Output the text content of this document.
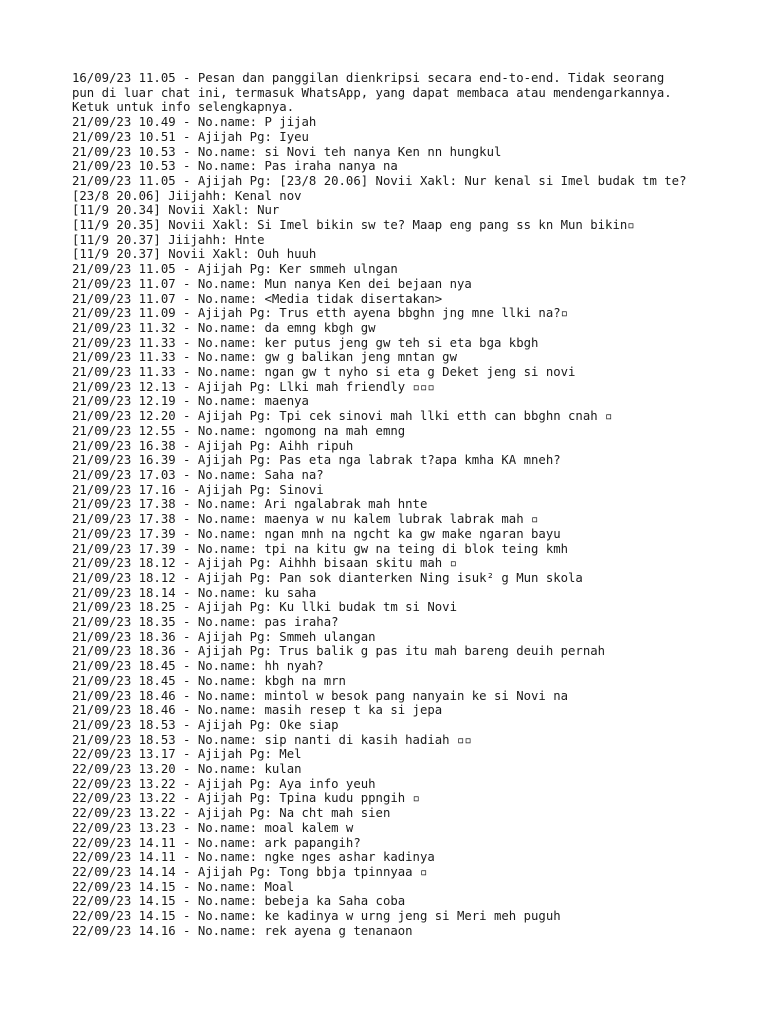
16/09/23 11.05 - Pesan dan panggilan dienkripsi secara end-to-end. Tidak seorang
pun di luar chat ini, termasuk WhatsApp, yang dapat membaca atau mendengarkannya.
Ketuk untuk info selengkapnya.
21/09/23 10.49 - No.name: P jijah
21/09/23 10.51 - Ajijah Pg: Iyeu
21/09/23 10.53 - No.name: si Novi teh nanya Ken nn hungkul
21/09/23 10.53 - No.name: Pas iraha nanya na
21/09/23 11.05 - Ajijah Pg: [23/8 20.06] Novii Xakl: Nur kenal si Imel budak tm te?
[23/8 20.06] Jiijahh: Kenal nov
[11/9 20.34] Novii Xakl: Nur
[11/9 20.35] Novii Xakl: Si Imel bikin sw te? Maap eng pang ss kn Mun bikin▫
[11/9 20.37] Jiijahh: Hnte
[11/9 20.37] Novii Xakl: Ouh huuh
21/09/23 11.05 - Ajijah Pg: Ker smmeh ulngan
21/09/23 11.07 - No.name: Mun nanya Ken dei bejaan nya
21/09/23 11.07 - No.name: <Media tidak disertakan>
21/09/23 11.09 - Ajijah Pg: Trus etth ayena bbghn jng mne llki na?▫
21/09/23 11.32 - No.name: da emng kbgh gw
21/09/23 11.33 - No.name: ker putus jeng gw teh si eta bga kbgh
21/09/23 11.33 - No.name: gw g balikan jeng mntan gw
21/09/23 11.33 - No.name: ngan gw t nyho si eta g Deket jeng si novi
21/09/23 12.13 - Ajijah Pg: Llki mah friendly ▫▫▫
21/09/23 12.19 - No.name: maenya
21/09/23 12.20 - Ajijah Pg: Tpi cek sinovi mah llki etth can bbghn cnah ▫
21/09/23 12.55 - No.name: ngomong na mah emng
21/09/23 16.38 - Ajijah Pg: Aihh ripuh
21/09/23 16.39 - Ajijah Pg: Pas eta nga labrak t?apa kmha KA mneh?
21/09/23 17.03 - No.name: Saha na?
21/09/23 17.16 - Ajijah Pg: Sinovi
21/09/23 17.38 - No.name: Ari ngalabrak mah hnte
21/09/23 17.38 - No.name: maenya w nu kalem lubrak labrak mah ▫
21/09/23 17.39 - No.name: ngan mnh na ngcht ka gw make ngaran bayu
21/09/23 17.39 - No.name: tpi na kitu gw na teing di blok teing kmh
21/09/23 18.12 - Ajijah Pg: Aihhh bisaan skitu mah ▫
21/09/23 18.12 - Ajijah Pg: Pan sok dianterken Ning isuk² g Mun skola
21/09/23 18.14 - No.name: ku saha
21/09/23 18.25 - Ajijah Pg: Ku llki budak tm si Novi
21/09/23 18.35 - No.name: pas iraha?
21/09/23 18.36 - Ajijah Pg: Smmeh ulangan
21/09/23 18.36 - Ajijah Pg: Trus balik g pas itu mah bareng deuih pernah
21/09/23 18.45 - No.name: hh nyah?
21/09/23 18.45 - No.name: kbgh na mrn
21/09/23 18.46 - No.name: mintol w besok pang nanyain ke si Novi na
21/09/23 18.46 - No.name: masih resep t ka si jepa
21/09/23 18.53 - Ajijah Pg: Oke siap
21/09/23 18.53 - No.name: sip nanti di kasih hadiah ▫▫
22/09/23 13.17 - Ajijah Pg: Mel
22/09/23 13.20 - No.name: kulan
22/09/23 13.22 - Ajijah Pg: Aya info yeuh
22/09/23 13.22 - Ajijah Pg: Tpina kudu ppngih ▫
22/09/23 13.22 - Ajijah Pg: Na cht mah sien
22/09/23 13.23 - No.name: moal kalem w
22/09/23 14.11 - No.name: ark papangih?
22/09/23 14.11 - No.name: ngke nges ashar kadinya
22/09/23 14.14 - Ajijah Pg: Tong bbja tpinnyaa ▫
22/09/23 14.15 - No.name: Moal
22/09/23 14.15 - No.name: bebeja ka Saha coba
22/09/23 14.15 - No.name: ke kadinya w urng jeng si Meri meh puguh
22/09/23 14.16 - No.name: rek ayena g tenanaon
